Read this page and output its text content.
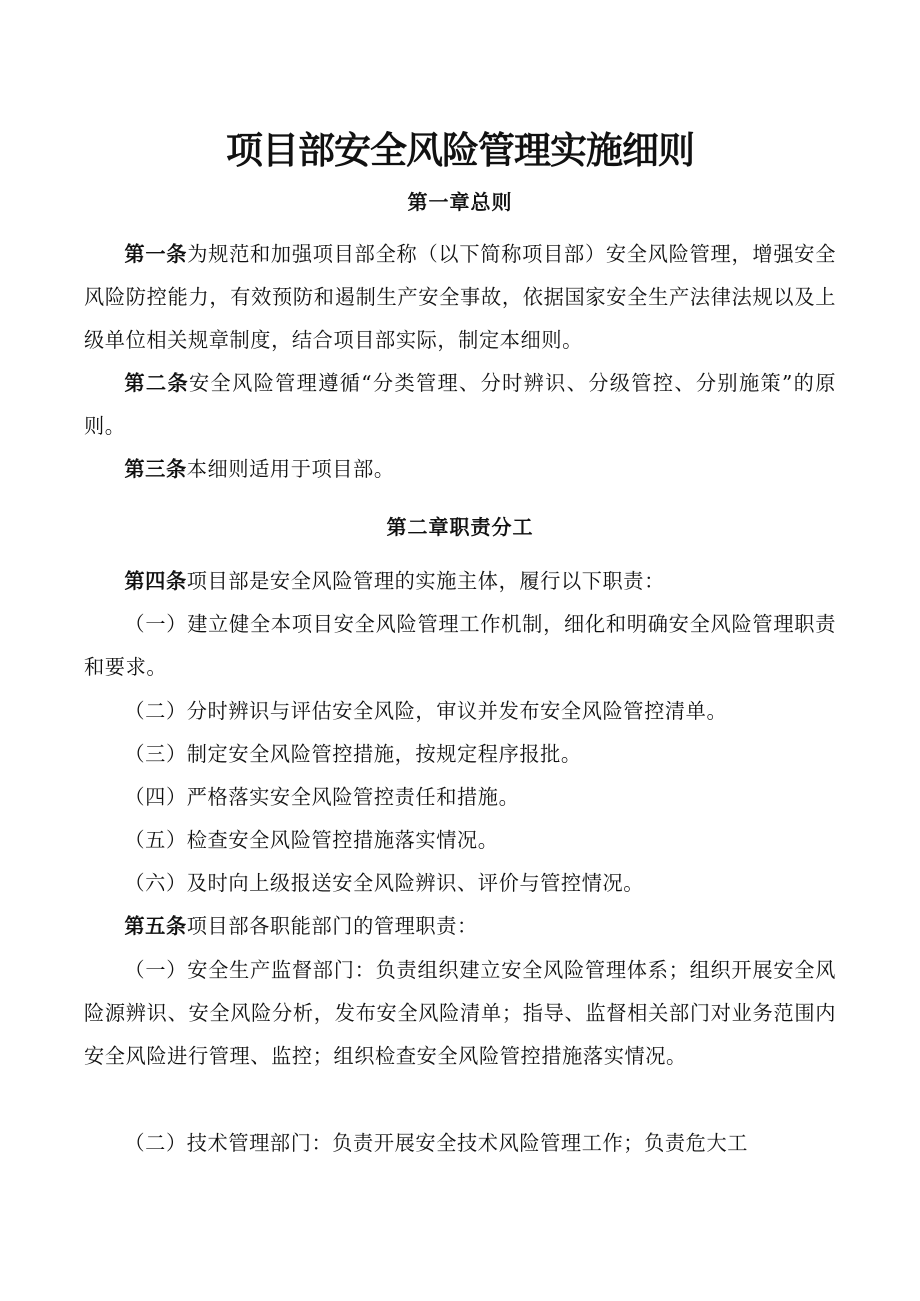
项目部安全风险管理实施细则
第一章总则

第一条为规范和加强项目部全称（以下简称项目部）安全风险管理，增强安全风险防控能力，有效预防和遏制生产安全事故，依据国家安全生产法律法规以及上级单位相关规章制度，结合项目部实际，制定本细则。

第二条安全风险管理遵循“分类管理、分时辨识、分级管控、分别施策”的原则。

第三条本细则适用于项目部。

第二章职责分工

第四条项目部是安全风险管理的实施主体，履行以下职责：

（一）建立健全本项目安全风险管理工作机制，细化和明确安全风险管理职责和要求。

（二）分时辨识与评估安全风险，审议并发布安全风险管控清单。

（三）制定安全风险管控措施，按规定程序报批。

（四）严格落实安全风险管控责任和措施。

（五）检查安全风险管控措施落实情况。

（六）及时向上级报送安全风险辨识、评价与管控情况。

第五条项目部各职能部门的管理职责：

（一）安全生产监督部门：负责组织建立安全风险管理体系；组织开展安全风险源辨识、安全风险分析，发布安全风险清单；指导、监督相关部门对业务范围内安全风险进行管理、监控；组织检查安全风险管控措施落实情况。

（二）技术管理部门：负责开展安全技术风险管理工作；负责危大工
